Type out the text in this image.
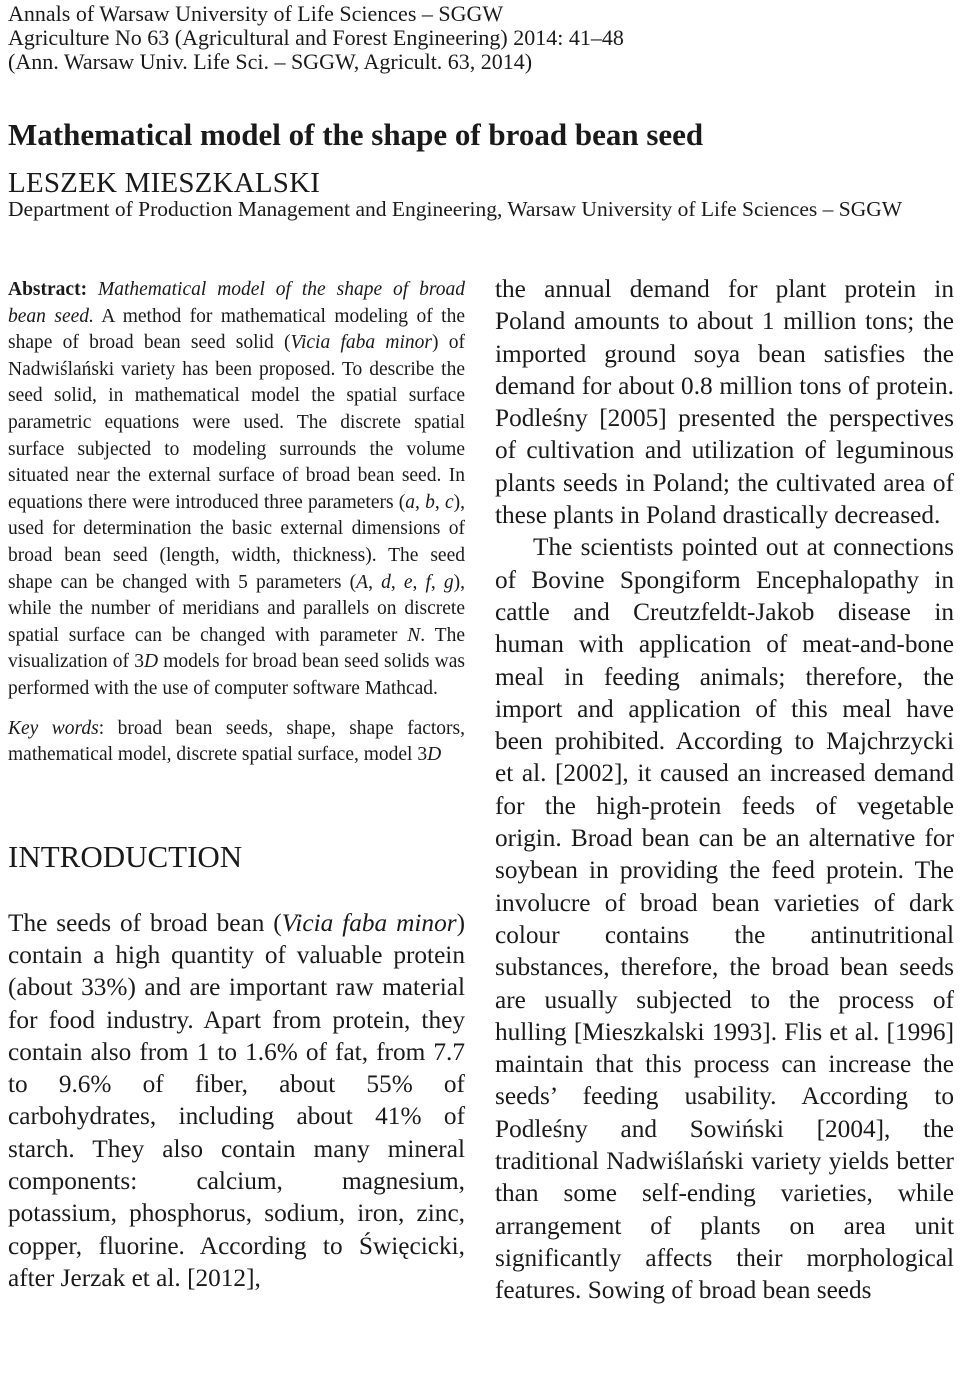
Annals of Warsaw University of Life Sciences – SGGW
Agriculture No 63 (Agricultural and Forest Engineering) 2014: 41–48
(Ann. Warsaw Univ. Life Sci. – SGGW, Agricult. 63, 2014)
Mathematical model of the shape of broad bean seed
LESZEK MIESZKALSKI
Department of Production Management and Engineering, Warsaw University of Life Sciences – SGGW

Abstract: Mathematical model of the shape of broad bean seed. A method for mathematical modeling of the shape of broad bean seed solid (Vicia faba minor) of Nadwiślański variety has been proposed. To describe the seed solid, in mathematical model the spatial surface parametric equations were used. The discrete spatial surface subjected to modeling surrounds the volume situated near the external surface of broad bean seed. In equations there were introduced three parameters (a, b, c), used for determination the basic external dimensions of broad bean seed (length, width, thickness). The seed shape can be changed with 5 parameters (A, d, e, f, g), while the number of meridians and parallels on discrete spatial surface can be changed with parameter N. The visualization of 3D models for broad bean seed solids was performed with the use of computer software Mathcad.

Key words: broad bean seeds, shape, shape factors, mathematical model, discrete spatial surface, model 3D

INTRODUCTION

The seeds of broad bean (Vicia faba minor) contain a high quantity of valuable protein (about 33%) and are important raw material for food industry. Apart from protein, they contain also from 1 to 1.6% of fat, from 7.7 to 9.6% of fiber, about 55% of carbohydrates, including about 41% of starch. They also contain many mineral components: calcium, magnesium, potassium, phosphorus, sodium, iron, zinc, copper, fluorine. According to Święcicki, after Jerzak et al. [2012],

the annual demand for plant protein in Poland amounts to about 1 million tons; the imported ground soya bean satisfies the demand for about 0.8 million tons of protein. Podleśny [2005] presented the perspectives of cultivation and utilization of leguminous plants seeds in Poland; the cultivated area of these plants in Poland drastically decreased.

The scientists pointed out at connections of Bovine Spongiform Encephalopathy in cattle and Creutzfeldt-Jakob disease in human with application of meat-and-bone meal in feeding animals; therefore, the import and application of this meal have been prohibited. According to Majchrzycki et al. [2002], it caused an increased demand for the high-protein feeds of vegetable origin. Broad bean can be an alternative for soybean in providing the feed protein. The involucre of broad bean varieties of dark colour contains the antinutritional substances, therefore, the broad bean seeds are usually subjected to the process of hulling [Mieszkalski 1993]. Flis et al. [1996] maintain that this process can increase the seeds’ feeding usability. According to Podleśny and Sowiński [2004], the traditional Nadwiślański variety yields better than some self-ending varieties, while arrangement of plants on area unit significantly affects their morphological features. Sowing of broad bean seeds
